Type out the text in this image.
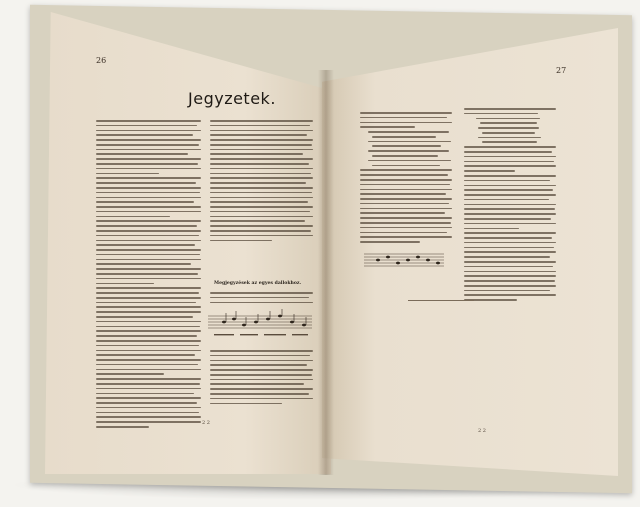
26
Jegyzetek.
Megjegyzések az egyes dallokhoz.
2 2
27
2 2
